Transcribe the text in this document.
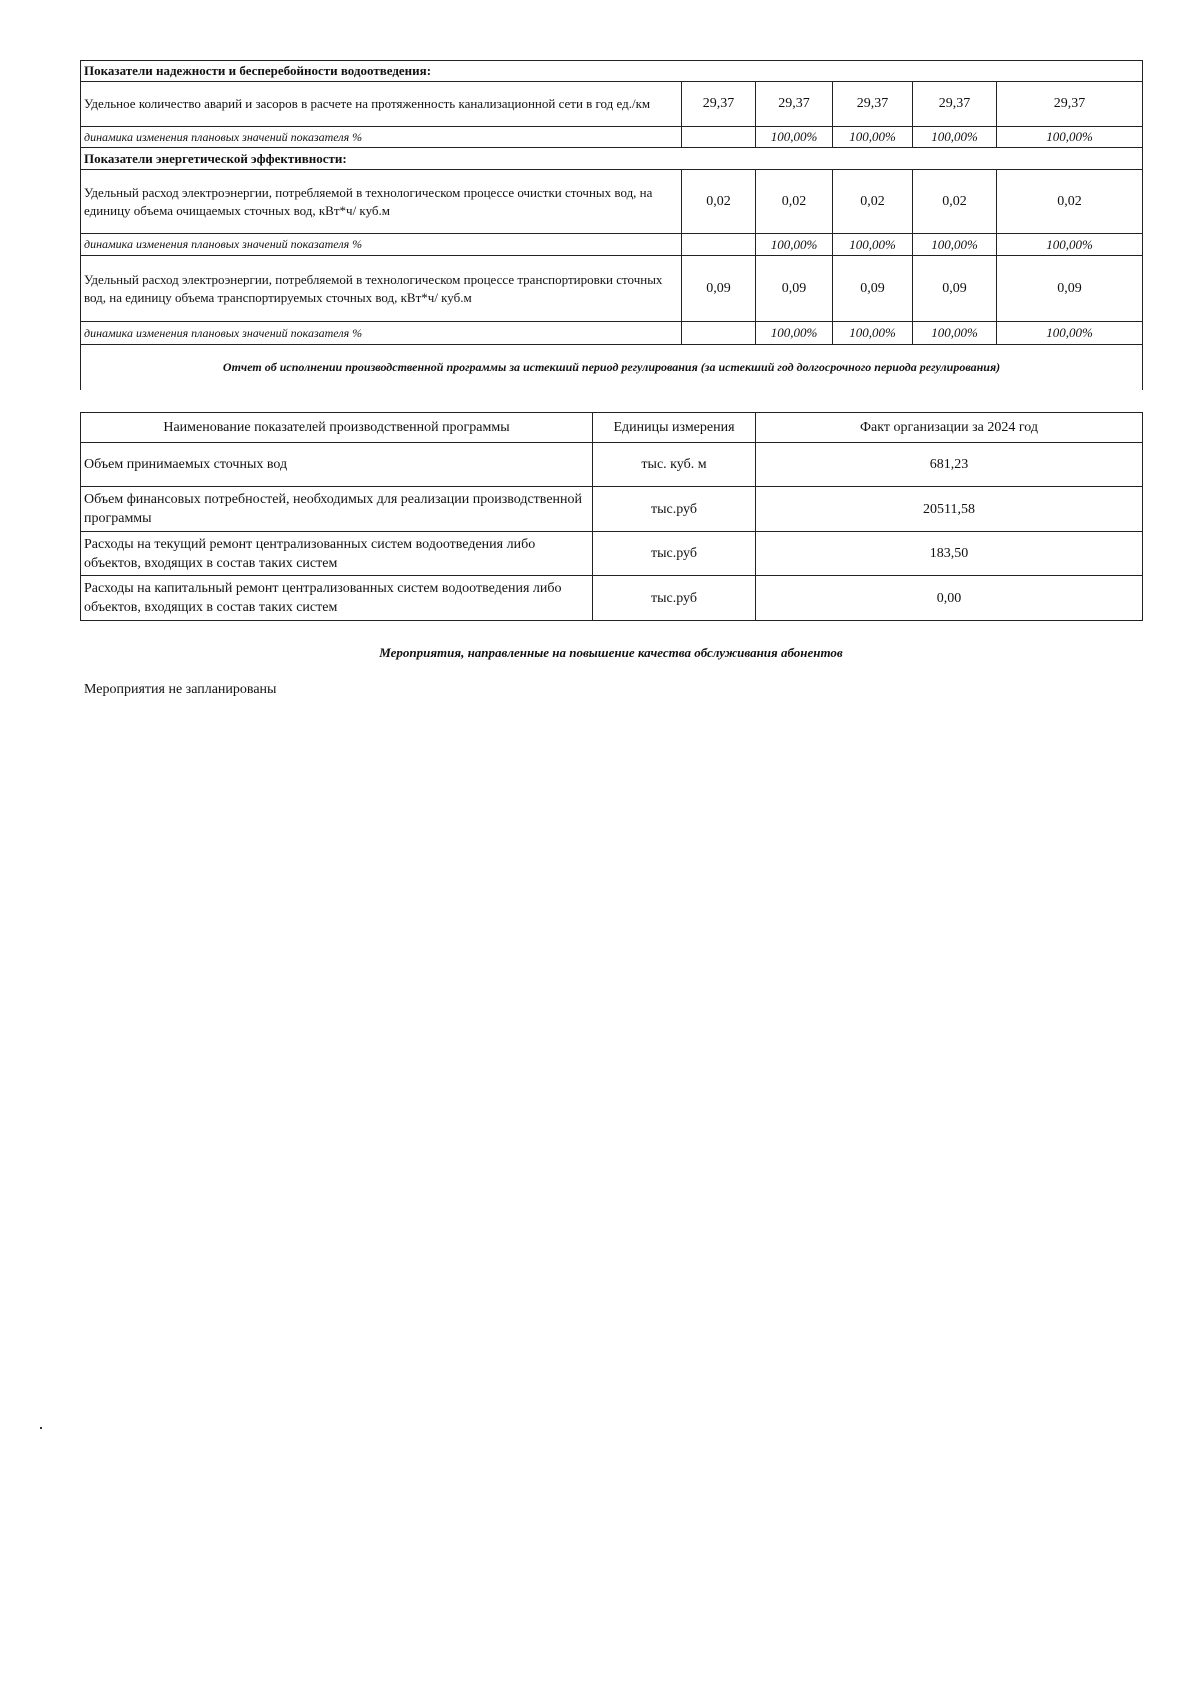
Показатели надежности и бесперебойности водоотведения:					
Удельное количество аварий и засоров в расчете на протяженность канализационной сети в год ед./км	29,37	29,37	29,37	29,37	29,37
динамика изменения плановых значений показателя %		100,00%	100,00%	100,00%	100,00%
Показатели энергетической эффективности:					
Удельный расход электроэнергии, потребляемой в технологическом процессе очистки сточных вод, на единицу объема очищаемых сточных вод, кВт*ч/ куб.м	0,02	0,02	0,02	0,02	0,02
динамика изменения плановых значений показателя %		100,00%	100,00%	100,00%	100,00%
Удельный расход электроэнергии, потребляемой в технологическом процессе транспортировки сточных вод, на единицу объема транспортируемых сточных вод, кВт*ч/ куб.м	0,09	0,09	0,09	0,09	0,09
динамика изменения плановых значений показателя %		100,00%	100,00%	100,00%	100,00%
Отчет об исполнении производственной программы за истекший период регулирования (за истекший год долгосрочного периода регулирования)					
Наименование показателей производственной программы	Единицы измерения	Факт организации за 2024 год
Объем принимаемых сточных вод	тыс. куб. м	681,23
Объем финансовых потребностей, необходимых для реализации производственной программы	тыс.руб	20511,58
Расходы на текущий ремонт централизованных систем водоотведения либо объектов, входящих в состав таких систем	тыс.руб	183,50
Расходы на капитальный ремонт централизованных систем водоотведения либо объектов, входящих в состав таких систем	тыс.руб	0,00
Мероприятия, направленные на повышение качества обслуживания абонентов
Мероприятия не запланированы
